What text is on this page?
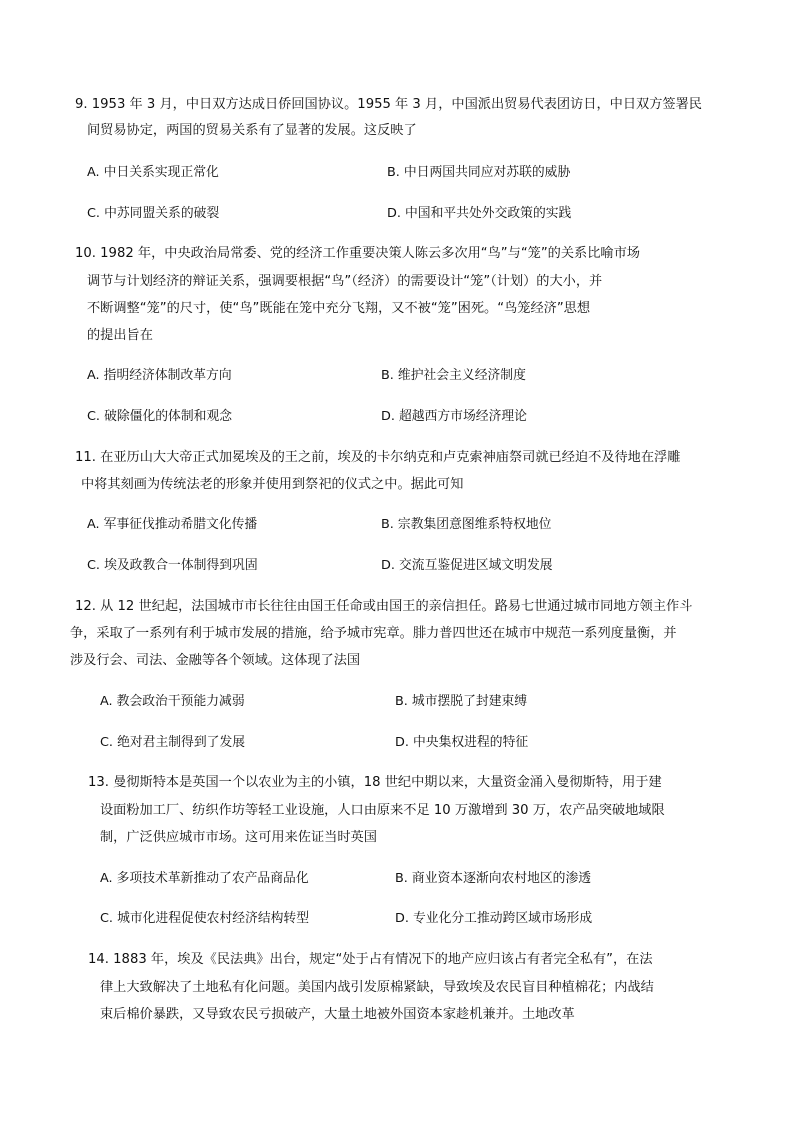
9. 1953 年 3 月，中日双方达成日侨回国协议。1955 年 3 月，中国派出贸易代表团访日，中日双方签署民
间贸易协定，两国的贸易关系有了显著的发展。这反映了
A. 中日关系实现正常化	B. 中日两国共同应对苏联的威胁
C. 中苏同盟关系的破裂	D. 中国和平共处外交政策的实践
10. 1982 年，中央政治局常委、党的经济工作重要决策人陈云多次用“鸟”与“笼”的关系比喻市场
调节与计划经济的辩证关系，强调要根据“鸟”（经济）的需要设计“笼”（计划）的大小，并
不断调整“笼”的尺寸，使“鸟”既能在笼中充分飞翔，又不被“笼”困死。“鸟笼经济”思想
的提出旨在
A. 指明经济体制改革方向	B. 维护社会主义经济制度
C. 破除僵化的体制和观念	D. 超越西方市场经济理论
11. 在亚历山大大帝正式加冕埃及的王之前，埃及的卡尔纳克和卢克索神庙祭司就已经迫不及待地在浮雕
中将其刻画为传统法老的形象并使用到祭祀的仪式之中。据此可知
A. 军事征伐推动希腊文化传播	B. 宗教集团意图维系特权地位
C. 埃及政教合一体制得到巩固	D. 交流互鉴促进区域文明发展
12. 从 12 世纪起，法国城市市长往往由国王任命或由国王的亲信担任。路易七世通过城市同地方领主作斗
争，采取了一系列有利于城市发展的措施，给予城市宪章。腓力普四世还在城市中规范一系列度量衡，并
涉及行会、司法、金融等各个领域。这体现了法国
A. 教会政治干预能力减弱	B. 城市摆脱了封建束缚
C. 绝对君主制得到了发展	D. 中央集权进程的特征
13. 曼彻斯特本是英国一个以农业为主的小镇，18 世纪中期以来，大量资金涌入曼彻斯特，用于建
设面粉加工厂、纺织作坊等轻工业设施，人口由原来不足 10 万激增到 30 万，农产品突破地域限
制，广泛供应城市市场。这可用来佐证当时英国
A. 多项技术革新推动了农产品商品化	B. 商业资本逐渐向农村地区的渗透
C. 城市化进程促使农村经济结构转型	D. 专业化分工推动跨区域市场形成
14. 1883 年，埃及《民法典》出台，规定“处于占有情况下的地产应归该占有者完全私有”，在法
律上大致解决了土地私有化问题。美国内战引发原棉紧缺，导致埃及农民盲目种植棉花；内战结
束后棉价暴跌，又导致农民亏损破产，大量土地被外国资本家趁机兼并。土地改革
